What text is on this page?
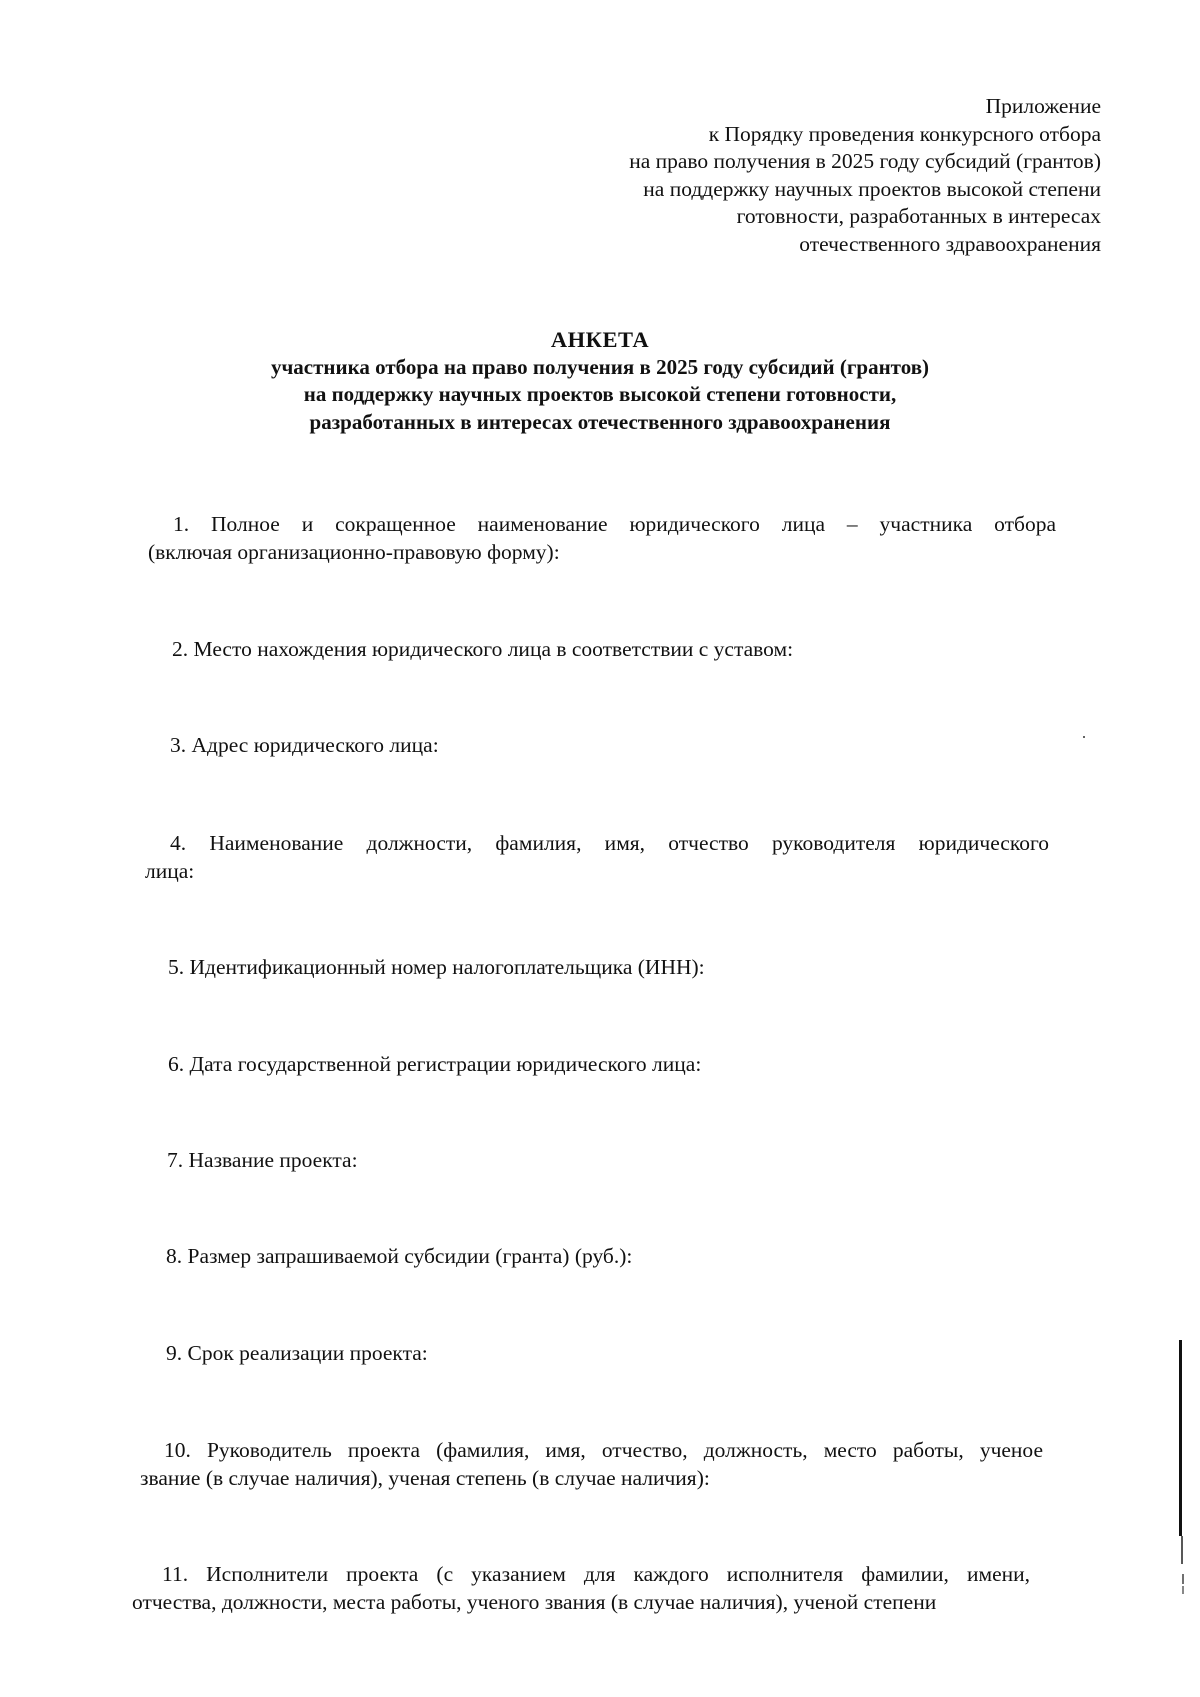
Приложение
к Порядку проведения конкурсного отбора
на право получения в 2025 году субсидий (грантов)
на поддержку научных проектов высокой степени
готовности, разработанных в интересах
отечественного здравоохранения
АНКЕТА
участника отбора на право получения в 2025 году субсидий (грантов)
на поддержку научных проектов высокой степени готовности,
разработанных в интересах отечественного здравоохранения
1. Полное и сокращенное наименование юридического лица – участника отбора
(включая организационно-правовую форму):
2. Место нахождения юридического лица в соответствии с уставом:
3. Адрес юридического лица:
4. Наименование должности, фамилия, имя, отчество руководителя юридического
лица:
5. Идентификационный номер налогоплательщика (ИНН):
6. Дата государственной регистрации юридического лица:
7. Название проекта:
8. Размер запрашиваемой субсидии (гранта) (руб.):
9. Срок реализации проекта:
10. Руководитель проекта (фамилия, имя, отчество, должность, место работы, ученое
звание (в случае наличия), ученая степень (в случае наличия):
11. Исполнители проекта (с указанием для каждого исполнителя фамилии, имени,
отчества, должности, места работы, ученого звания (в случае наличия), ученой степени
